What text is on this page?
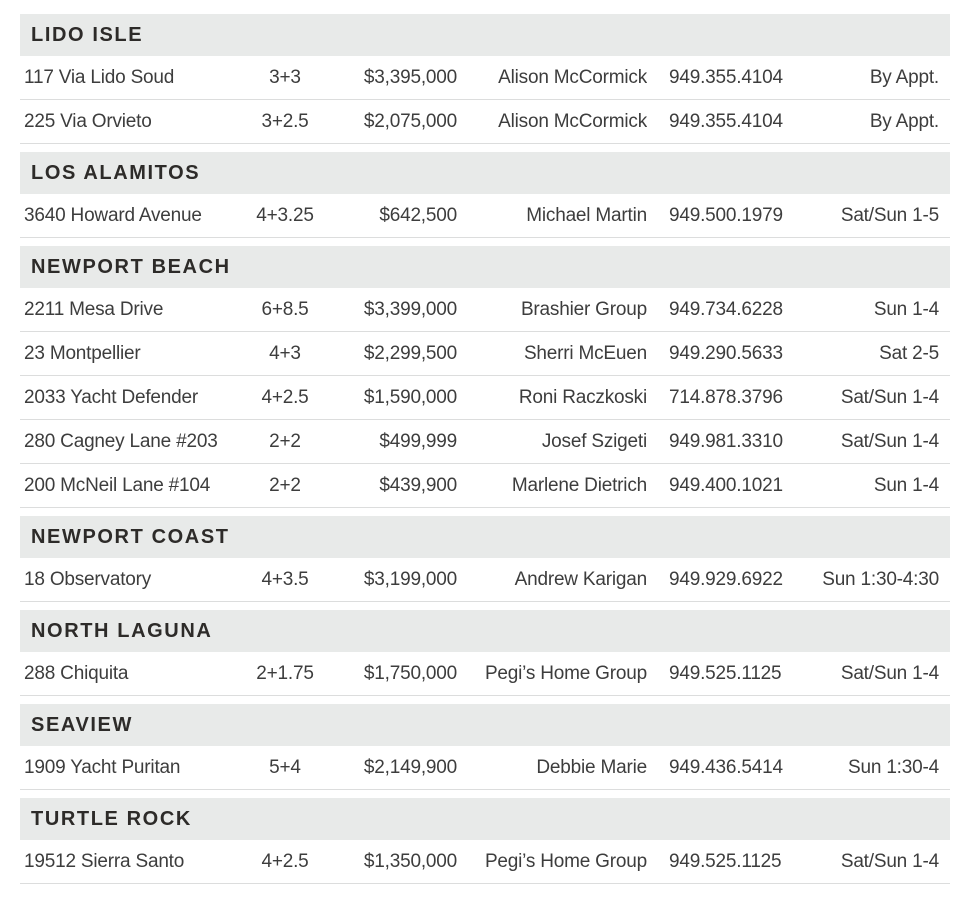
LIDO ISLE
117 Via Lido Soud	3+3	$3,395,000	Alison McCormick 949.355.4104	By Appt.
225 Via Orvieto	3+2.5	$2,075,000	Alison McCormick 949.355.4104	By Appt.
LOS ALAMITOS
3640 Howard Avenue	4+3.25	$642,500	Michael Martin 949.500.1979	Sat/Sun 1-5
NEWPORT BEACH
2211 Mesa Drive	6+8.5	$3,399,000	Brashier Group 949.734.6228	Sun 1-4
23 Montpellier	4+3	$2,299,500	Sherri McEuen 949.290.5633	Sat 2-5
2033 Yacht Defender	4+2.5	$1,590,000	Roni Raczkoski 714.878.3796	Sat/Sun 1-4
280 Cagney Lane #203	2+2	$499,999	Josef Szigeti 949.981.3310	Sat/Sun 1-4
200 McNeil Lane #104	2+2	$439,900	Marlene Dietrich 949.400.1021	Sun 1-4
NEWPORT COAST
18 Observatory	4+3.5	$3,199,000	Andrew Karigan 949.929.6922	Sun 1:30-4:30
NORTH LAGUNA
288 Chiquita	2+1.75	$1,750,000	Pegi’s Home Group 949.525.1125	Sat/Sun 1-4
SEAVIEW
1909 Yacht Puritan	5+4	$2,149,900	Debbie Marie 949.436.5414	Sun 1:30-4
TURTLE ROCK
19512 Sierra Santo	4+2.5	$1,350,000	Pegi’s Home Group 949.525.1125	Sat/Sun 1-4
